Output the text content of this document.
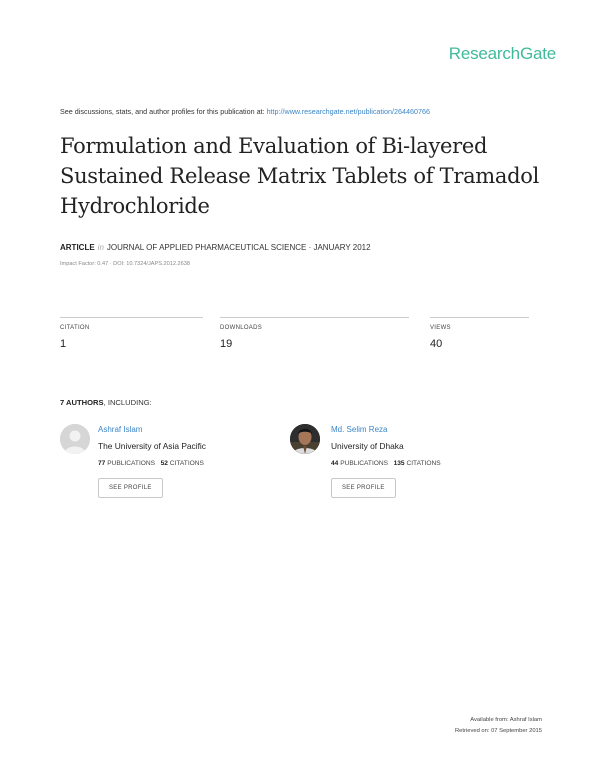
ResearchGate
See discussions, stats, and author profiles for this publication at: http://www.researchgate.net/publication/264460766
Formulation and Evaluation of Bi-layered
Sustained Release Matrix Tablets of Tramadol
Hydrochloride
ARTICLE in JOURNAL OF APPLIED PHARMACEUTICAL SCIENCE · JANUARY 2012
Impact Factor: 0.47 · DOI: 10.7324/JAPS.2012.2638
CITATION
1
DOWNLOADS
19
VIEWS
40
7 AUTHORS, INCLUDING:
Ashraf Islam
The University of Asia Pacific
77 PUBLICATIONS 52 CITATIONS
SEE PROFILE
Md. Selim Reza
University of Dhaka
44 PUBLICATIONS 135 CITATIONS
SEE PROFILE
Available from: Ashraf Islam
Retrieved on: 07 September 2015
